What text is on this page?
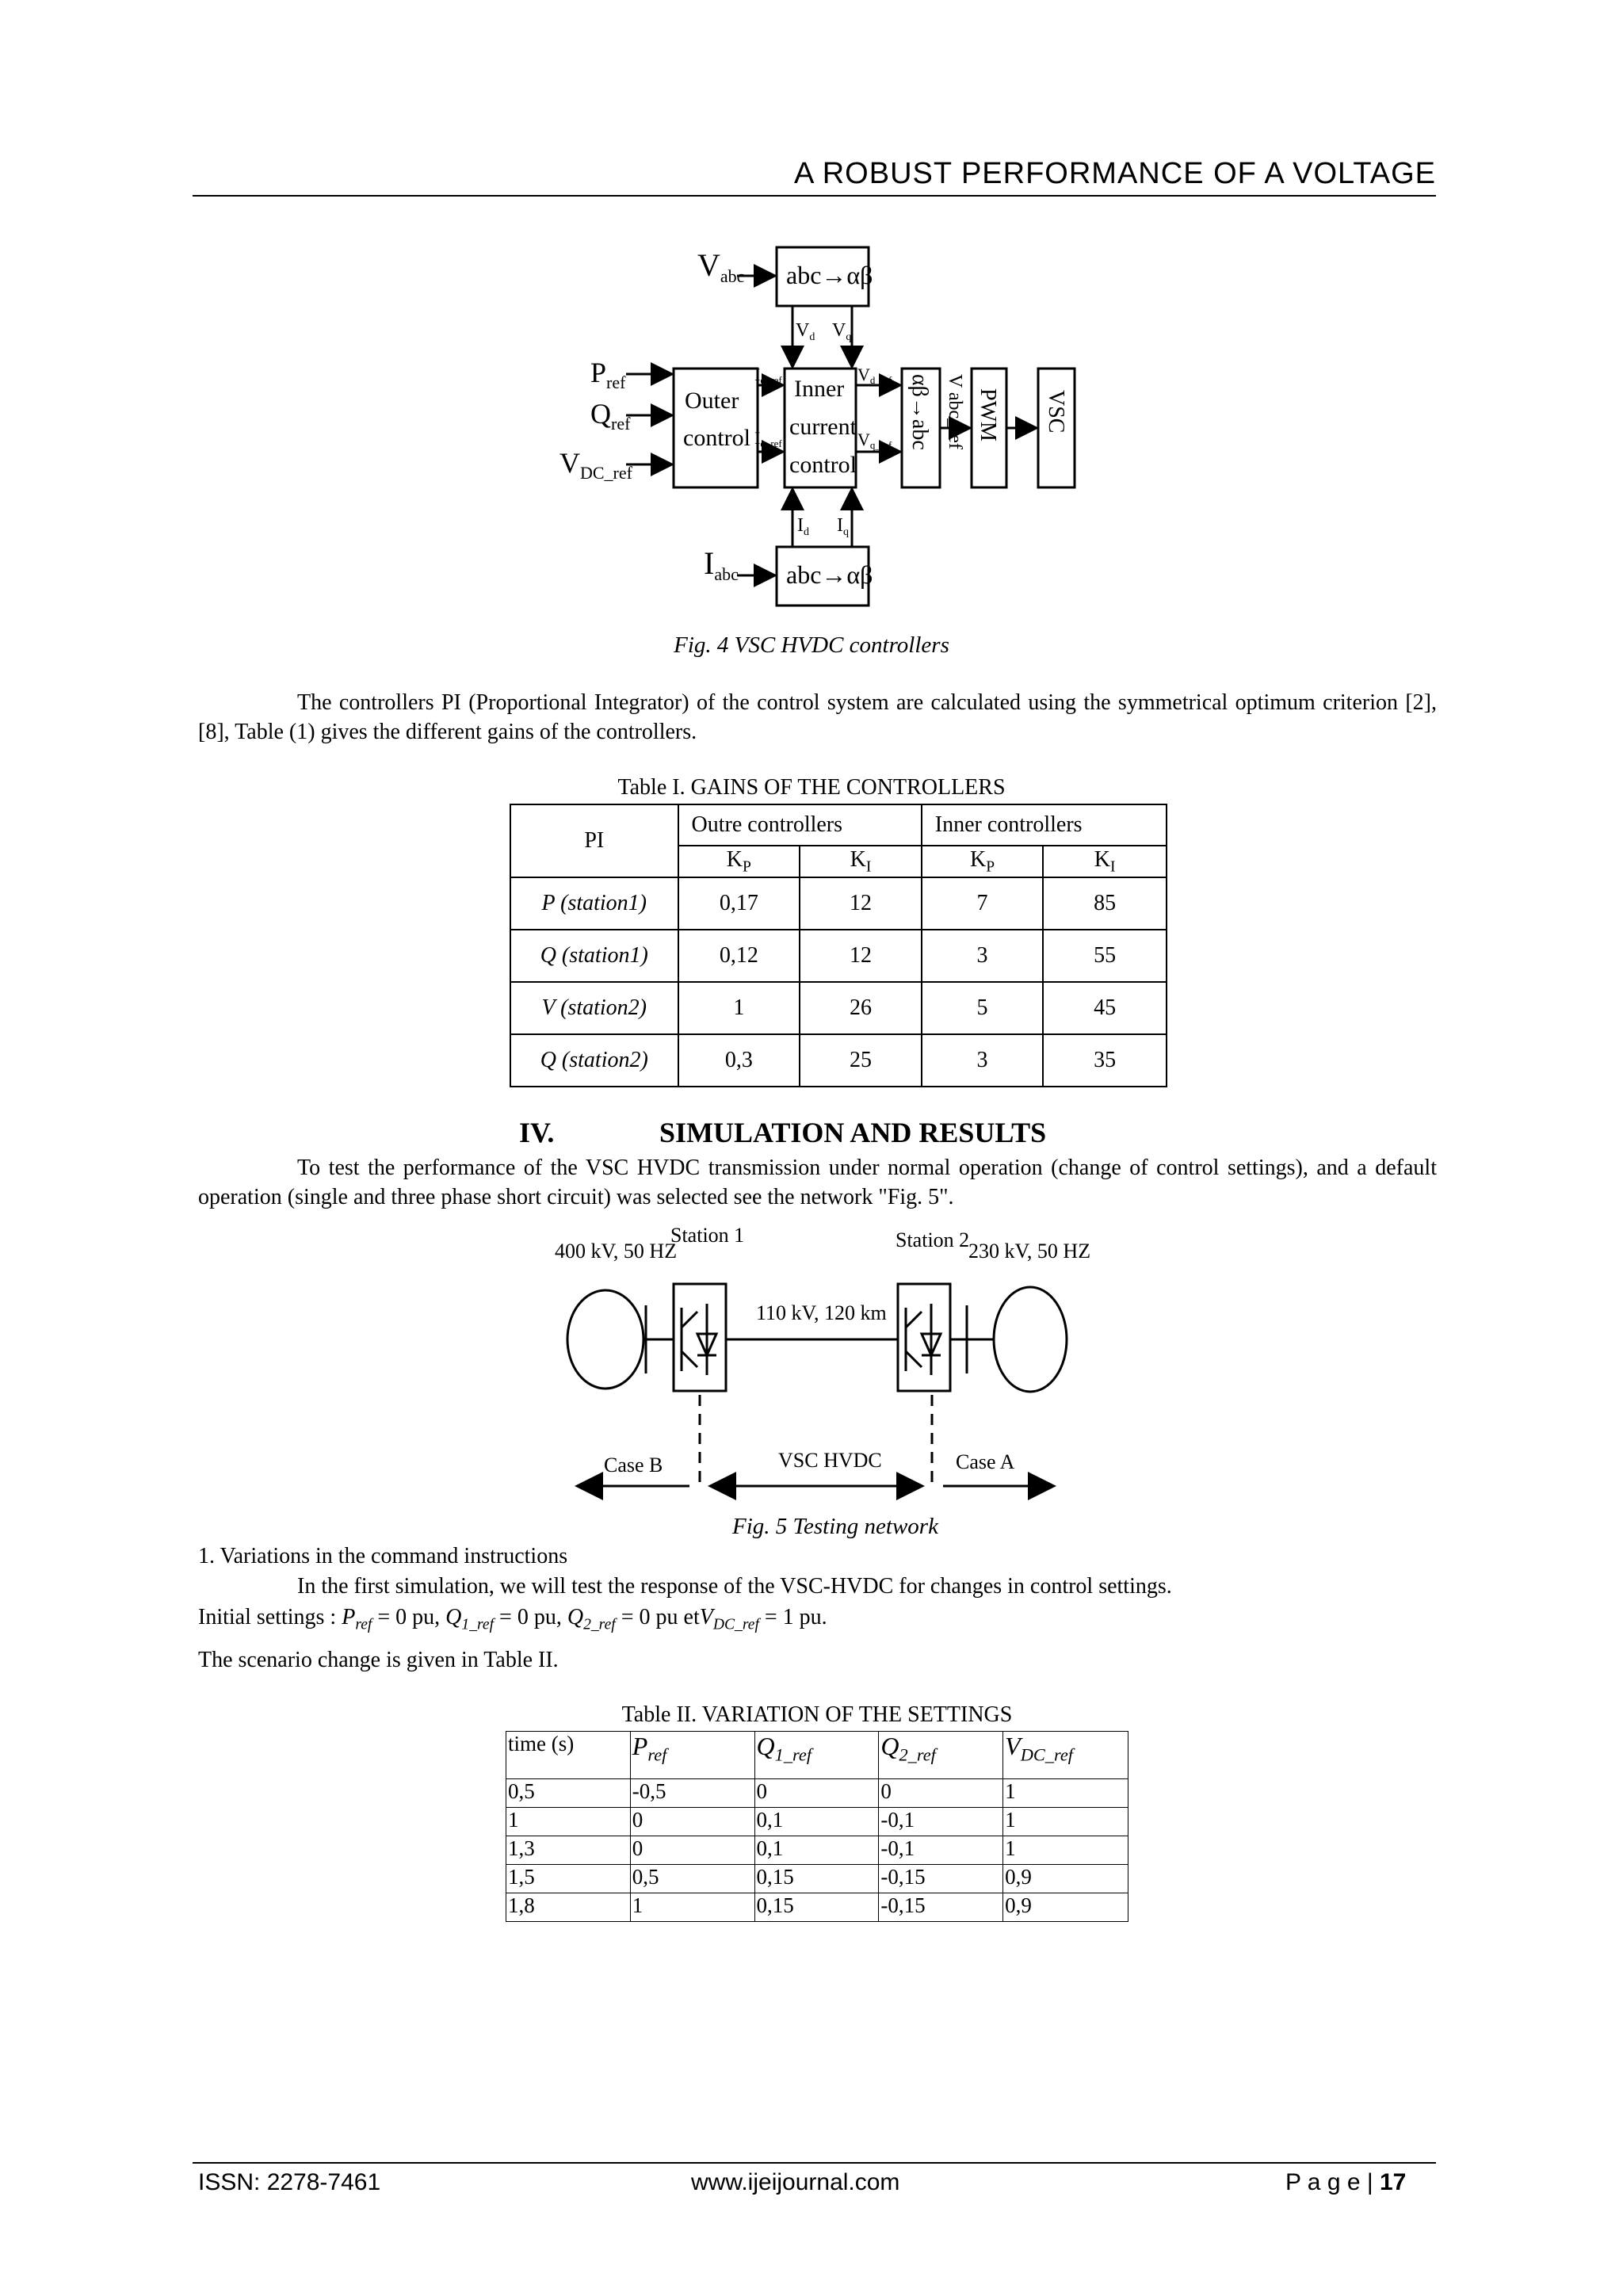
A ROBUST PERFORMANCE OF A VOLTAGE
$V_{abc}$
$I_{abc}$
abc→αβ
abc→αβ
$P_{ref}$
$Q_{ref}$
$V_{DC\_ref}$
Outer
control
Inner
current
control
$V_d$ $V_q$
$I_d$ $I_q$
Id_ref
Iq_ref
Vd_ref
Vq_ref αβ→abc V abc_ref PWM VSC
Fig. 4 VSC HVDC controllers
The controllers PI (Proportional Integrator) of the control system are calculated using the symmetrical optimum criterion [2], [8], Table (1) gives the different gains of the controllers.
Table I. GAINS OF THE CONTROLLERS
PI	Outre controllers		Inner controllers	
	$K_P$	$K_I$	$K_P$	$K_I$
P (station1)	0,17	12	7	85
Q (station1)	0,12	12	3	55
V (station2)	1	26	5	45
Q (station2)	0,3	25	3	35
IV.	SIMULATION AND RESULTS
To test the performance of the VSC HVDC transmission under normal operation (change of control settings), and a default operation (single and three phase short circuit) was selected see the network "Fig. 5".
Station 1	Station 2
400 kV, 50 HZ	230 kV, 50 HZ
110 kV, 120 km
Case B	VSC HVDC	Case A
Fig. 5 Testing network
1. Variations in the command instructions
In the first simulation, we will test the response of the VSC-HVDC for changes in control settings.
Initial settings : $P_{ref} = 0$ pu, $Q_{1\_ref} = 0$ pu, $Q_{2\_ref} = 0$ pu etV$_{DC\_ref}$ = 1 pu.
The scenario change is given in Table II.
Table II. VARIATION OF THE SETTINGS
time (s)	$P_{ref}$	$Q_{1\_ref}$	$Q_{2\_ref}$	$V_{DC\_ref}$
0,5	-0,5	0	0	1
1	0	0,1	-0,1	1
1,3	0	0,1	-0,1	1
1,5	0,5	0,15	-0,15	0,9
1,8	1	0,15	-0,15	0,9
ISSN: 2278-7461	www.ijeijournal.com	P a g e | 17
